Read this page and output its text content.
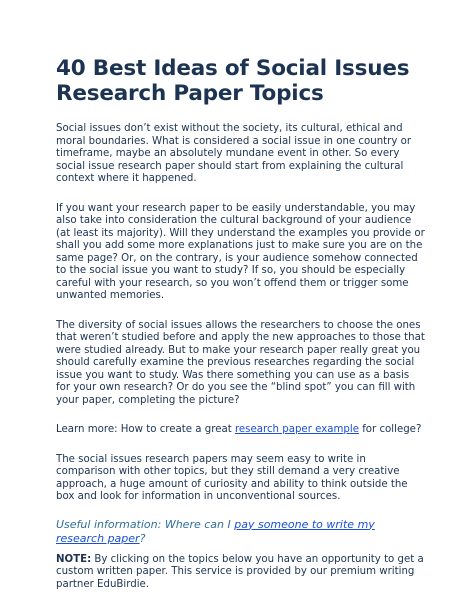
40 Best Ideas of Social Issues Research Paper Topics

Social issues don’t exist without the society, its cultural, ethical and moral boundaries. What is considered a social issue in one country or timeframe, maybe an absolutely mundane event in other. So every social issue research paper should start from explaining the cultural context where it happened.

If you want your research paper to be easily understandable, you may also take into consideration the cultural background of your audience (at least its majority). Will they understand the examples you provide or shall you add some more explanations just to make sure you are on the same page? Or, on the contrary, is your audience somehow connected to the social issue you want to study? If so, you should be especially careful with your research, so you won’t offend them or trigger some unwanted memories.

The diversity of social issues allows the researchers to choose the ones that weren’t studied before and apply the new approaches to those that were studied already. But to make your research paper really great you should carefully examine the previous researches regarding the social issue you want to study. Was there something you can use as a basis for your own research? Or do you see the “blind spot” you can fill with your paper, completing the picture?

Learn more: How to create a great research paper example for college?

The social issues research papers may seem easy to write in comparison with other topics, but they still demand a very creative approach, a huge amount of curiosity and ability to think outside the box and look for information in unconventional sources.

Useful information: Where can I pay someone to write my research paper?

NOTE: By clicking on the topics below you have an opportunity to get a custom written paper. This service is provided by our premium writing partner EduBirdie.
